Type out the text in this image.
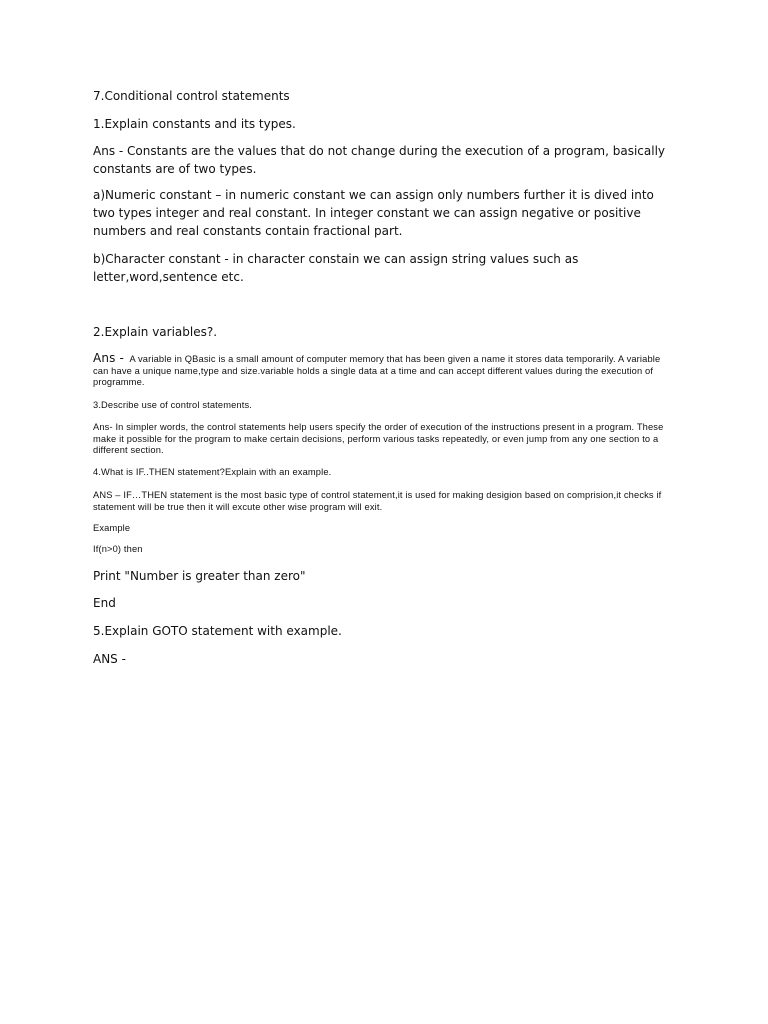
7.Conditional control statements

1.Explain constants and its types.

Ans - Constants are the values that do not change during the execution of a program, basically constants are of two types.

a)Numeric constant – in numeric constant we can assign only numbers further it is dived into two types integer and real constant. In integer constant we can assign negative or positive numbers and real constants contain fractional part.

b)Character constant - in character constain we can assign string values such as letter,word,sentence etc.

2.Explain variables?.

Ans - A variable in QBasic is a small amount of computer memory that has been given a name it stores data temporarily. A variable can have a unique name,type and size.variable holds a single data at a time and can accept different values during the execution of programme.

3.Describe use of control statements.

Ans- In simpler words, the control statements help users specify the order of execution of the instructions present in a program. These make it possible for the program to make certain decisions, perform various tasks repeatedly, or even jump from any one section to a different section.

4.What is IF..THEN statement?Explain with an example.

ANS – IF…THEN statement is the most basic type of control statement,it is used for making desigion based on comprision,it checks if statement will be true then it will excute other wise program will exit.

Example

If(n>0) then

Print "Number is greater than zero"

End

5.Explain GOTO statement with example.

ANS -
